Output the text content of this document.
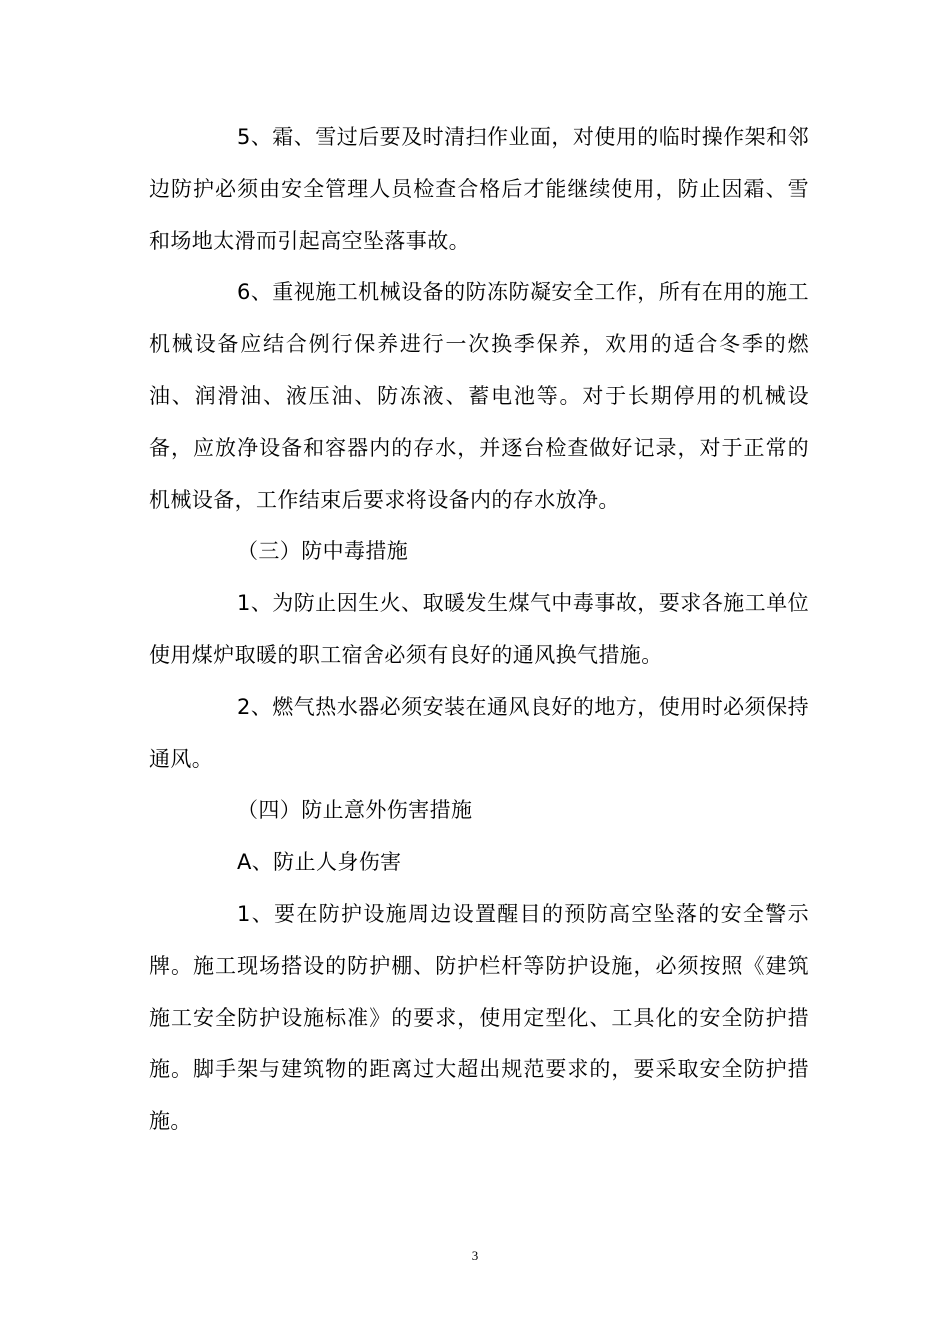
5、霜、雪过后要及时清扫作业面，对使用的临时操作架和邻边防护必须由安全管理人员检查合格后才能继续使用，防止因霜、雪和场地太滑而引起高空坠落事故。

6、重视施工机械设备的防冻防凝安全工作，所有在用的施工机械设备应结合例行保养进行一次换季保养，欢用的适合冬季的燃油、润滑油、液压油、防冻液、蓄电池等。对于长期停用的机械设备，应放净设备和容器内的存水，并逐台检查做好记录，对于正常的机械设备，工作结束后要求将设备内的存水放净。

（三）防中毒措施

1、为防止因生火、取暖发生煤气中毒事故，要求各施工单位使用煤炉取暖的职工宿舍必须有良好的通风换气措施。

2、燃气热水器必须安装在通风良好的地方，使用时必须保持通风。

（四）防止意外伤害措施

A、防止人身伤害

1、要在防护设施周边设置醒目的预防高空坠落的安全警示牌。施工现场搭设的防护棚、防护栏杆等防护设施，必须按照《建筑施工安全防护设施标准》的要求，使用定型化、工具化的安全防护措施。脚手架与建筑物的距离过大超出规范要求的，要采取安全防护措施。

3
